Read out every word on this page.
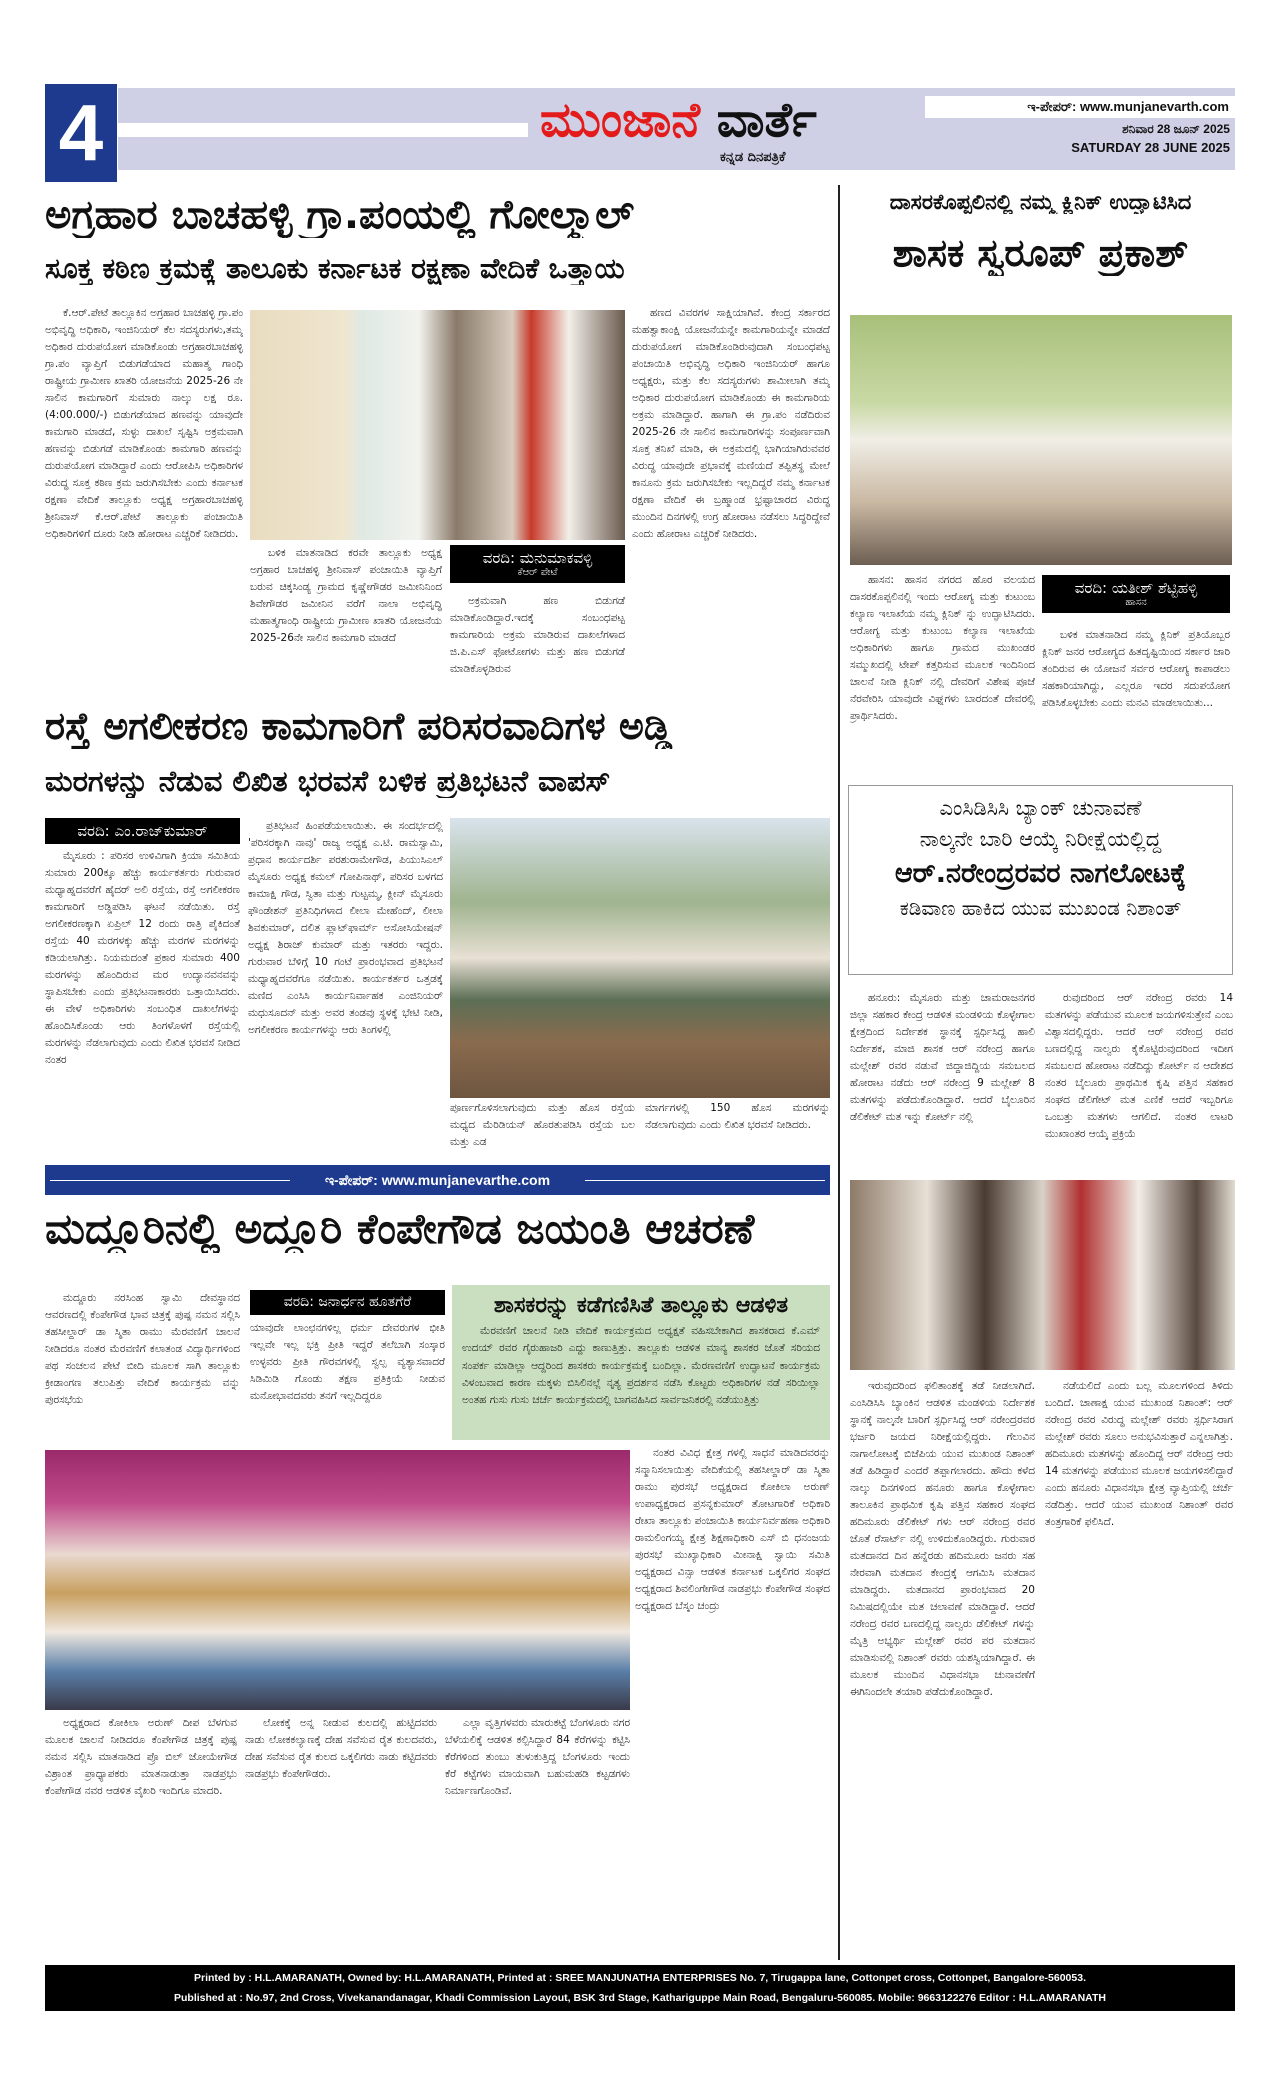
4	ಮುಂಜಾನೆ ವಾರ್ತೆ
ಕನ್ನಡ ದಿನಪತ್ರಿಕೆ
ಇ-ಪೇಪರ್: www.munjanevarth.com
ಶನಿವಾರ 28 ಜೂನ್ 2025
SATURDAY 28 JUNE 2025
ಅಗ್ರಹಾರ ಬಾಚಹಳ್ಳಿ ಗ್ರಾ.ಪಂಯಲ್ಲಿ ಗೋಲ್ಮಾಲ್
ಸೂಕ್ತ ಕಠಿಣ ಕ್ರಮಕ್ಕೆ ತಾಲೂಕು ಕರ್ನಾಟಕ ರಕ್ಷಣಾ ವೇದಿಕೆ ಒತ್ತಾಯ
ಕೆ.ಆರ್.ಪೇಟೆ ತಾಲ್ಲೂಕಿನ ಅಗ್ರಹಾರ ಬಾಚಹಳ್ಳಿ ಗ್ರಾ.ಪಂ ಅಭಿವೃದ್ಧಿ ಅಧಿಕಾರಿ, ಇಂಜಿನಿಯರ್ ಕೆಲ ಸದಸ್ಯರುಗಳು,ತಮ್ಮ ಅಧಿಕಾರ ದುರುಪಯೋಗ ಮಾಡಿಕೊಂಡು ಅಗ್ರಹಾರಬಾಚಹಳ್ಳಿ ಗ್ರಾ.ಪಂ ವ್ಯಾಪ್ತಿಗೆ ಬಿಡುಗಡೆಯಾದ ಮಹಾತ್ಮ ಗಾಂಧಿ ರಾಷ್ಟ್ರೀಯ ಗ್ರಾಮೀಣ ಖಾತರಿ ಯೋಜನೆಯ 2025-26 ನೇ ಸಾಲಿನ ಕಾಮಗಾರಿಗೆ ಸುಮಾರು ನಾಲ್ಕು ಲಕ್ಷ ರೂ. (4:00.000/-) ಬಿಡುಗಡೆಯಾದ ಹಣವನ್ನು ಯಾವುದೇ ಕಾಮಗಾರಿ ಮಾಡದೆ, ಸುಳ್ಳು ದಾಖಲೆ ಸೃಷ್ಟಿಸಿ ಅಕ್ರಮವಾಗಿ ಹಣವನ್ನು ಬಿಡುಗಡೆ ಮಾಡಿಕೊಂಡು ಕಾಮಗಾರಿ ಹಣವನ್ನು ದುರುಪಯೋಗ ಮಾಡಿದ್ದಾರೆ ಎಂದು ಆರೋಪಿಸಿ ಅಧಿಕಾರಿಗಳ ವಿರುದ್ಧ ಸೂಕ್ತ ಕಠಿಣ ಕ್ರಮ ಜರುಗಿಸಬೇಕು ಎಂದು ಕರ್ನಾಟಕ ರಕ್ಷಣಾ ವೇದಿಕೆ ತಾಲ್ಲೂಕು ಅಧ್ಯಕ್ಷ ಅಗ್ರಹಾರಬಾಚಹಳ್ಳಿ ಶ್ರೀನಿವಾಸ್ ಕೆ.ಆರ್.ಪೇಟೆ ತಾಲ್ಲೂಕು ಪಂಚಾಯಿತಿ ಅಧಿಕಾರಿಗಳಿಗೆ ದೂರು ನೀಡಿ ಹೋರಾಟ ಎಚ್ಚರಿಕೆ ನೀಡಿದರು.
ಬಳಿಕ ಮಾತನಾಡಿದ ಕರವೇ ತಾಲ್ಲೂಕು ಅಧ್ಯಕ್ಷ ಅಗ್ರಹಾರ ಬಾಚಹಳ್ಳಿ ಶ್ರೀನಿವಾಸ್ ಪಂಚಾಯಿತಿ ವ್ಯಾಪ್ತಿಗೆ ಬರುವ ಚಿಕ್ಕಸಿಂಡ್ಯ ಗ್ರಾಮದ ಕೃಷ್ಣೇಗೌಡರ ಜಮೀನಿನಿಂದ ಶಿವೇಗೌಡರ ಜಮೀನಿನ ವರೆಗೆ ನಾಲಾ ಅಭಿವೃದ್ಧಿ ಮಹಾತ್ಮಗಾಂಧಿ ರಾಷ್ಟ್ರೀಯ ಗ್ರಾಮೀಣ ಖಾತರಿ ಯೋಜನೆಯ 2025-26ನೇ ಸಾಲಿನ ಕಾಮಗಾರಿ ಮಾಡದೆ
ವರದಿ: ಮನುಮಾಕವಳ್ಳಿ
ಕೆಆರ್ ಪೇಟೆ
ಅಕ್ರಮವಾಗಿ ಹಣ ಬಿಡುಗಡೆ ಮಾಡಿಕೊಂಡಿದ್ದಾರೆ.ಇದಕ್ಕೆ ಸಂಬಂಧಪಟ್ಟ ಕಾಮಗಾರಿಯ ಅಕ್ರಮ ಮಾಡಿರುವ ದಾಖಲೆಗಳಾದ ಜಿ.ಪಿ.ಎಸ್ ಫೋಟೋಗಳು ಮತ್ತು ಹಣ ಬಿಡುಗಡೆ ಮಾಡಿಕೊಳ್ಳಡಿರುವ
ಹಣದ ವಿವರಗಳ ಸಾಕ್ಷಿಯಾಗಿವೆ. ಕೇಂದ್ರ ಸರ್ಕಾರದ ಮಹತ್ವಾಕಾಂಕ್ಷಿ ಯೋಜನೆಯನ್ನೇ ಕಾಮಗಾರಿಯನ್ನೇ ಮಾಡದೆ ದುರುಪಯೋಗ ಮಾಡಿಕೊಂಡಿರುವುದಾಗಿ ಸಂಬಂಧಪಟ್ಟ ಪಂಚಾಯಿತಿ ಅಭಿವೃದ್ಧಿ ಅಧಿಕಾರಿ ಇಂಜಿನಿಯರ್ ಹಾಗೂ ಅಧ್ಯಕ್ಷರು, ಮತ್ತು ಕೆಲ ಸದಸ್ಯರುಗಳು ಶಾಮೀಲಾಗಿ ತಮ್ಮ ಅಧಿಕಾರ ದುರುಪಯೋಗ ಮಾಡಿಕೊಂಡು ಈ ಕಾಮಗಾರಿಯ ಅಕ್ರಮ ಮಾಡಿದ್ದಾರೆ. ಹಾಗಾಗಿ ಈ ಗ್ರಾ.ಪಂ ನಡೆದಿರುವ 2025-26 ನೇ ಸಾಲಿನ ಕಾಮಗಾರಿಗಳನ್ನು ಸಂಪೂರ್ಣವಾಗಿ ಸೂಕ್ತ ತನಿಖೆ ಮಾಡಿ, ಈ ಅಕ್ರಮದಲ್ಲಿ ಭಾಗಿಯಾಗಿರುವವರ ವಿರುದ್ಧ ಯಾವುದೇ ಪ್ರಭಾವಕ್ಕೆ ಮಣಿಯದೆ ತಪ್ಪಿತಸ್ಥ ಮೇಲೆ ಕಾನೂನು ಕ್ರಮ ಜರುಗಿಸಬೇಕು ಇಲ್ಲದಿದ್ದರೆ ನಮ್ಮ ಕರ್ನಾಟಕ ರಕ್ಷಣಾ ವೇದಿಕೆ ಈ ಬ್ರಹ್ಮಾಂಡ ಭ್ರಷ್ಟಾಚಾರದ ವಿರುದ್ಧ ಮುಂದಿನ ದಿನಗಳಲ್ಲಿ ಉಗ್ರ ಹೋರಾಟ ನಡೆಸಲು ಸಿದ್ಧರಿದ್ದೇವೆ ಎಂದು ಹೋರಾಟ ಎಚ್ಚರಿಕೆ ನೀಡಿದರು.
ದಾಸರಕೊಪ್ಪಲಿನಲ್ಲಿ ನಮ್ಮ ಕ್ಲಿನಿಕ್ ಉದ್ಘಾಟಿಸಿದ
ಶಾಸಕ ಸ್ವರೂಪ್ ಪ್ರಕಾಶ್
ಹಾಸನ: ಹಾಸನ ನಗರದ ಹೊರ ವಲಯದ ದಾಸರಕೊಪ್ಪಲಿನಲ್ಲಿ ಇಂದು ಆರೋಗ್ಯ ಮತ್ತು ಕುಟುಂಬ ಕಲ್ಯಾಣ ಇಲಾಖೆಯ ನಮ್ಮ ಕ್ಲಿನಿಕ್ ನ್ನು ಉದ್ಘಾಟಿಸಿದರು. ಆರೋಗ್ಯ ಮತ್ತು ಕುಟುಂಬ ಕಲ್ಯಾಣ ಇಲಾಖೆಯ ಅಧಿಕಾರಿಗಳು ಹಾಗೂ ಗ್ರಾಮದ ಮುಖಂಡರ ಸಮ್ಮುಖದಲ್ಲಿ ಟೇಪ್ ಕತ್ತರಿಸುವ ಮೂಲಕ ಇಂದಿನಿಂದ ಚಾಲನೆ ನೀಡಿ ಕ್ಲಿನಿಕ್ ನಲ್ಲಿ ದೇವರಿಗೆ ವಿಶೇಷ ಪೂಜೆ ನೆರವೇರಿಸಿ ಯಾವುದೇ ವಿಘ್ನಗಳು ಬಾರದಂತೆ ದೇವರಲ್ಲಿ ಪ್ರಾರ್ಥಿಸಿದರು.
ವರದಿ: ಯತೀಶ್ ಶೆಟ್ಟಿಹಳ್ಳಿ
ಹಾಸನ
ಬಳಿಕ ಮಾತನಾಡಿದ ನಮ್ಮ ಕ್ಲಿನಿಕ್ ಪ್ರತಿಯೊಬ್ಬರ ಕ್ಲಿನಿಕ್ ಜನರ ಆರೋಗ್ಯದ ಹಿತದೃಷ್ಟಿಯಿಂದ ಸರ್ಕಾರ ಜಾರಿ ತಂದಿರುವ ಈ ಯೋಜನೆ ಸರ್ವರ ಆರೋಗ್ಯ ಕಾಪಾಡಲು ಸಹಕಾರಿಯಾಗಿದ್ದು, ಎಲ್ಲರೂ ಇದರ ಸದುಪಯೋಗ ಪಡಿಸಿಕೊಳ್ಳಬೇಕು ಎಂದು ಮನವಿ ಮಾಡಲಾಯಿತು...
ರಸ್ತೆ ಅಗಲೀಕರಣ ಕಾಮಗಾರಿಗೆ ಪರಿಸರವಾದಿಗಳ ಅಡ್ಡಿ
ಮರಗಳನ್ನು ನೆಡುವ ಲಿಖಿತ ಭರವಸೆ ಬಳಿಕ ಪ್ರತಿಭಟನೆ ವಾಪಸ್
ವರದಿ: ಎಂ.ರಾಜ್‌ಕುಮಾರ್
ಮೈಸೂರು : ಪರಿಸರ ಉಳಿವಿಗಾಗಿ ಕ್ರಿಯಾ ಸಮಿತಿಯ ಸುಮಾರು 200ಕ್ಕೂ ಹೆಚ್ಚು ಕಾರ್ಯಕರ್ತರು ಗುರುವಾರ ಮಧ್ಯಾಹ್ನದವರೆಗೆ ಹೈದರ್ ಅಲಿ ರಸ್ತೆಯ, ರಸ್ತೆ ಅಗಲೀಕರಣ ಕಾಮಗಾರಿಗೆ ಅಡ್ಡಿಪಡಿಸಿ ಘಟನೆ ನಡೆಯಿತು. ರಸ್ತೆ ಅಗಲೀಕರಣಕ್ಕಾಗಿ ಏಪ್ರಿಲ್ 12 ರಂದು ರಾತ್ರಿ ಪೈಕಿದಂತೆ ರಸ್ತೆಯ 40 ಮರಗಳಕ್ಕು ಹೆಚ್ಚು ಮರಗಳ ಮರಗಳನ್ನು ಕಡಿಯಲಾಗಿತ್ತು. ನಿಯಮದಂತೆ ಪ್ರಕಾರ ಸುಮಾರು 400 ಮರಗಳನ್ನು ಹೊಂದಿರುವ ಮರ ಉದ್ಯಾನವನವನ್ನು ಸ್ಥಾಪಿಸಬೇಕು ಎಂದು ಪ್ರತಿಭಟನಾಕಾರರು ಒತ್ತಾಯಿಸಿದರು. ಈ ವೇಳೆ ಅಧಿಕಾರಿಗಳು ಸಂಬಂಧಿತ ದಾಖಲೆಗಳನ್ನು ಹೊಂದಿಸಿಕೊಂಡು ಆರು ತಿಂಗಳೊಳಗೆ ರಸ್ತೆಯಲ್ಲಿ ಮರಗಳನ್ನು ನೆಡಲಾಗುವುದು ಎಂದು ಲಿಖಿತ ಭರವಸೆ ನೀಡಿದ ನಂತರ
ಪ್ರತಿಭಟನೆ ಹಿಂಪಡೆಯಲಾಯಿತು. ಈ ಸಂದರ್ಭದಲ್ಲಿ 'ಪರಿಸರಕ್ಕಾಗಿ ನಾವು' ರಾಜ್ಯ ಅಧ್ಯಕ್ಷ ಎ.ಟಿ. ರಾಮಸ್ವಾಮಿ, ಪ್ರಧಾನ ಕಾರ್ಯದರ್ಶಿ ಪರಶುರಾಮೇಗೌಡ, ಪಿಯುಸಿಎಲ್ ಮೈಸೂರು ಅಧ್ಯಕ್ಷ ಕಮಲ್ ಗೋಪಿನಾಥ್, ಪರಿಸರ ಬಳಗದ ಕಾಮಾಕ್ಷಿ ಗೌಡ, ಸ್ವಿತಾ ಮತ್ತು ಗುಟ್ಟಮ್ಮ, ಕ್ಲೀನ್ ಮೈಸೂರು ಫೌಂಡೇಶನ್ ಪ್ರತಿನಿಧಿಗಳಾದ ಲೀಲಾ ಮೇಹೆಂದ್, ಲೀಲಾ ಶಿವಕುಮಾರ್, ದಲಿತ ಪ್ಲಾಟ್‌ಫಾರ್ಮ್ ಅಸೋಸಿಯೇಷನ್ ಅಧ್ಯಕ್ಷ ಶಿರಾಜ್ ಕುಮಾರ್ ಮತ್ತು ಇತರರು ಇದ್ದರು. ಗುರುವಾರ ಬೆಳಿಗ್ಗೆ 10 ಗಂಟೆ ಪ್ರಾರಂಭವಾದ ಪ್ರತಿಭಟನೆ ಮಧ್ಯಾಹ್ನದವರೆಗೂ ನಡೆಯಿತು. ಕಾರ್ಯಕರ್ತರ ಒತ್ತಡಕ್ಕೆ ಮಣಿದ ಎಂಸಿಸಿ ಕಾರ್ಯನಿರ್ವಾಹಕ ಎಂಜಿನಿಯರ್ ಮಧುಸೂದನ್ ಮತ್ತು ಅವರ ತಂಡವು ಸ್ಥಳಕ್ಕೆ ಭೇಟಿ ನೀಡಿ, ಅಗಲೀಕರಣ ಕಾರ್ಯಗಳನ್ನು ಆರು ತಿಂಗಳಲ್ಲಿ
ಪೂರ್ಣಗೊಳಿಸಲಾಗುವುದು ಮತ್ತು ಹೊಸ ರಸ್ತೆಯ ಮಧ್ಯದ ಮೆರಿಡಿಯನ್ ಹೊರತುಪಡಿಸಿ ರಸ್ತೆಯ ಬಲ ಮತ್ತು ಎಡ
ಮಾರ್ಗಗಳಲ್ಲಿ 150 ಹೊಸ ಮರಗಳನ್ನು ನೆಡಲಾಗುವುದು ಎಂದು ಲಿಖಿತ ಭರವಸೆ ನೀಡಿದರು.
ಎಂಸಿಡಿಸಿಸಿ ಬ್ಯಾಂಕ್ ಚುನಾವಣೆ
ನಾಲ್ಕನೇ ಬಾರಿ ಆಯ್ಕೆ ನಿರೀಕ್ಷೆಯಲ್ಲಿದ್ದ
ಆರ್.ನರೇಂದ್ರರವರ ನಾಗಲೋಟಕ್ಕೆ
ಕಡಿವಾಣ ಹಾಕಿದ ಯುವ ಮುಖಂಡ ನಿಶಾಂತ್
ಹನೂರು: ಮೈಸೂರು ಮತ್ತು ಚಾಮರಾಜನಗರ ಜಿಲ್ಲಾ ಸಹಕಾರ ಕೇಂದ್ರ ಆಡಳಿತ ಮಂಡಳಿಯ ಕೊಳ್ಳೇಗಾಲ ಕ್ಷೇತ್ರದಿಂದ ನಿರ್ದೇಶಕ ಸ್ಥಾನಕ್ಕೆ ಸ್ಪರ್ಧಿಸಿದ್ದ ಹಾಲಿ ನಿರ್ದೇಶಕ, ಮಾಜಿ ಶಾಸಕ ಆರ್ ನರೇಂದ್ರ ಹಾಗೂ ಮಲ್ಲೇಶ್ ರವರ ನಡುವೆ ಜಿದ್ದಾಜಿದ್ದಿಯ ಸಮಬಲದ ಹೋರಾಟ ನಡೆದು ಆರ್ ನರೇಂದ್ರ 9 ಮಲ್ಲೇಶ್ 8 ಮತಗಳನ್ನು ಪಡೆದುಕೊಂಡಿದ್ದಾರೆ. ಆದರೆ ಬೈಲೂರಿನ ಡೆಲಿಕೇಟ್ ಮತ ಇನ್ನು ಕೋರ್ಟ್ ನಲ್ಲಿ
ರುವುದರಿಂದ ಆರ್ ನರೇಂದ್ರ ರವರು 14 ಮತಗಳನ್ನು ಪಡೆಯುವ ಮೂಲಕ ಜಯಗಳಿಸುತ್ತೇನೆ ಎಂಬ ವಿಶ್ವಾಸದಲ್ಲಿದ್ದರು. ಆದರೆ ಆರ್ ನರೇಂದ್ರ ರವರ ಬಣದಲ್ಲಿದ್ದ ನಾಲ್ವರು ಕೈಕೊಟ್ಟಿರುವುದರಿಂದ ಇದೀಗ ಸಮಬಲದ ಹೋರಾಟ ನಡೆದಿದ್ದು ಕೋರ್ಟ್ ನ ಆದೇಶದ ನಂತರ ಬೈಲೂರು ಪ್ರಾಥಮಿಕ ಕೃಷಿ ಪತ್ತಿನ ಸಹಕಾರ ಸಂಘದ ಡೆಲಿಗೇಟ್ ಮತ ಎಣಿಕೆ ಆದರೆ ಇಬ್ಬರಿಗೂ ಒಂಬತ್ತು ಮತಗಳು ಆಗಲಿದೆ. ನಂತರ ಲಾಟರಿ ಮುಖಾಂತರ ಆಯ್ಕೆ ಪ್ರಕ್ರಿಯೆ
ಇರುವುದರಿಂದ ಫಲಿತಾಂಶಕ್ಕೆ ತಡೆ ನೀಡಲಾಗಿದೆ. ಎಂಸಿಡಿಸಿಸಿ ಬ್ಯಾಂಕಿನ ಆಡಳಿತ ಮಂಡಳಿಯ ನಿರ್ದೇಶಕ ಸ್ಥಾನಕ್ಕೆ ನಾಲ್ಕನೇ ಬಾರಿಗೆ ಸ್ಪರ್ಧಿಸಿದ್ದ ಆರ್ ನರೇಂದ್ರರವರ ಭರ್ಜರಿ ಜಯದ ನಿರೀಕ್ಷೆಯಲ್ಲಿದ್ದರು. ಗೆಲುವಿನ ನಾಗಾಲೋಟಕ್ಕೆ ಬಿಜೆಪಿಯ ಯುವ ಮುಖಂಡ ನಿಶಾಂತ್ ತಡೆ ಹಿಡಿದ್ದಾರೆ ಎಂದರೆ ತಪ್ಪಾಗಲಾರದು. ಹೌದು ಕಳೆದ ನಾಲ್ಕು ದಿನಗಳಿಂದ ಹನೂರು ಹಾಗೂ ಕೊಳ್ಳೇಗಾಲ ತಾಲೂಕಿನ ಪ್ರಾಥಮಿಕ ಕೃಷಿ ಪತ್ತಿನ ಸಹಕಾರ ಸಂಘದ ಹದಿಮೂರು ಡೆಲಿಕೇಟ್ ಗಳು ಆರ್ ನರೇಂದ್ರ ರವರ ಜೊತೆ ರೆಸಾರ್ಟ್ ನಲ್ಲಿ ಉಳಿದುಕೊಂಡಿದ್ದರು. ಗುರುವಾರ ಮತದಾನದ ದಿನ ಹನ್ನೆರಡು ಹದಿಮೂರು ಜನರು ಸಹ ನೇರವಾಗಿ ಮತದಾನ ಕೇಂದ್ರಕ್ಕೆ ಆಗಮಿಸಿ ಮತದಾನ ಮಾಡಿದ್ದರು. ಮತದಾನದ ಪ್ರಾರಂಭವಾದ 20 ನಿಮಿಷದಲ್ಲಿಯೇ ಮತ ಚಲಾವಣೆ ಮಾಡಿದ್ದಾರೆ. ಆದರೆ ನರೇಂದ್ರ ರವರ ಬಣದಲ್ಲಿದ್ದ ನಾಲ್ವರು ಡೆಲಿಕೇಟ್ ಗಳನ್ನು ಮೈತ್ರಿ ಅಭ್ಯರ್ಥಿ ಮಲ್ಲೇಶ್ ರವರ ಪರ ಮತದಾನ ಮಾಡಿಸುವಲ್ಲಿ ನಿಶಾಂತ್ ರವರು ಯಶಸ್ವಿಯಾಗಿದ್ದಾರೆ. ಈ ಮೂಲಕ ಮುಂದಿನ ವಿಧಾನಸಭಾ ಚುನಾವಣೆಗೆ ಈಗಿನಿಂದಲೇ ತಯಾರಿ ಪಡೆದುಕೊಂಡಿದ್ದಾರೆ.
ನಡೆಯಲಿದೆ ಎಂದು ಬಲ್ಲ ಮೂಲಗಳಿಂದ ತಿಳಿದು ಬಂದಿದೆ. ಚಾಣಾಕ್ಷ ಯುವ ಮುಖಂಡ ನಿಶಾಂತ್: ಆರ್ ನರೇಂದ್ರ ರವರ ವಿರುದ್ಧ ಮಲ್ಲೇಶ್ ರವರು ಸ್ಪರ್ಧಿಸಿರಾಗ ಮಲ್ಲೇಶ್ ರವರು ಸೂಲು ಅನುಭವಿಸುತ್ತಾರೆ ಎನ್ನಲಾಗಿತ್ತು. ಹದಿಮೂರು ಮತಗಳನ್ನು ಹೊಂದಿದ್ದ ಆರ್ ನರೇಂದ್ರ ಆರು 14 ಮತಗಳನ್ನು ಪಡೆಯುವ ಮೂಲಕ ಜಯಗಳಿಸಲಿದ್ದಾರೆ ಎಂದು ಹನೂರು ವಿಧಾನಸಭಾ ಕ್ಷೇತ್ರ ವ್ಯಾಪ್ತಿಯಲ್ಲಿ ಚರ್ಚೆ ನಡೆದಿತ್ತು. ಆದರೆ ಯುವ ಮುಖಂಡ ನಿಶಾಂತ್ ರವರ ತಂತ್ರಗಾರಿಕೆ ಫಲಿಸಿದೆ.
ಇ-ಪೇಪರ್: www.munjanevarthe.com
ಮದ್ದೂರಿನಲ್ಲಿ ಅದ್ದೂರಿ ಕೆಂಪೇಗೌಡ ಜಯಂತಿ ಆಚರಣೆ
ಮದ್ದೂರು ನರಸಿಂಹ ಸ್ವಾಮಿ ದೇವಸ್ಥಾನದ ಆವರಣದಲ್ಲಿ ಕೆಂಪೇಗೌಡ ಭಾವ ಚಿತ್ರಕ್ಕೆ ಪುಷ್ಪ ನಮನ ಸಲ್ಲಿಸಿ ತಹಸೀಲ್ದಾರ್ ಡಾ ಸ್ಮಿತಾ ರಾಮು ಮೆರವಣಿಗೆ ಚಾಲನೆ ನೀಡಿದರೂ ನಂತರ ಮೆರವಣಿಗೆ ಕಲಾತಂಡ ವಿದ್ಯಾರ್ಥಿಗಳಿಂದ ಪಥ ಸಂಚಲನ ಪೇಟೆ ಬೀದಿ ಮೂಲಕ ಸಾಗಿ ತಾಲ್ಲೂಕು ಕ್ರೀಡಾಂಗಣ ತಲುಪಿತ್ತು ವೇದಿಕೆ ಕಾರ್ಯಕ್ರಮ ವನ್ನು ಪುರಸಭೆಯ
ವರದಿ: ಜನಾರ್ಧನ ಹೂತಗೆರೆ
ಯಾವುದೇ ಲಾಂಛನಗಳಿಲ್ಲ ಧರ್ಮ ದೇವರುಗಳ ಭೀತಿ ಇಲ್ಲವೇ ಇಲ್ಲ ಭಕ್ತಿ ಪ್ರೀತಿ ಇದ್ದರೆ ತಲೆಬಾಗಿ ಸಂಸ್ಕಾರ ಉಳ್ಳವರು ಪ್ರೀತಿ ಗೌರವಗಳಲ್ಲಿ ಸ್ವಲ್ಪ ವ್ಯತ್ಯಾಸವಾದರೆ ಸಿಡಿಮಿಡಿ ಗೊಂಡು ತಕ್ಷಣ ಪ್ರತಿಕ್ರಿಯೆ ನೀಡುವ ಮನೋಭಾವದವರು ತನಗೆ ಇಲ್ಲದಿದ್ದರೂ
ಶಾಸಕರನ್ನು ಕಡೆಗಣಿಸಿತೆ ತಾಲ್ಲೂಕು ಆಡಳಿತ

ಮೆರವಣಿಗೆ ಚಾಲನೆ ನೀಡಿ ವೇದಿಕೆ ಕಾರ್ಯಕ್ರಮದ ಅಧ್ಯಕ್ಷತೆ ವಹಿಸಬೇಕಾಗಿದ ಶಾಸಕರಾದ ಕೆ.ಎಮ್ ಉದಯ್ ರವರ ಗೈರುಹಾಜರಿ ಎದ್ದು ಕಾಣುತ್ತಿತ್ತು. ತಾಲ್ಲೂಕು ಆಡಳಿತ ಮಾನ್ಯ ಶಾಸಕರ ಜೊತೆ ಸರಿಯದ ಸಂಪರ್ಕ ಮಾಡಿಲ್ಲಾ ಆದ್ದರಿಂದ ಶಾಸಕರು ಕಾರ್ಯಕ್ರಮಕ್ಕೆ ಬಂದಿಲ್ಲಾ. ಮೆರಣವಣಿಗೆ ಉದ್ಘಾಟನೆ ಕಾರ್ಯಕ್ರಮ ವಿಳಂಬವಾದ ಕಾರಣ ಮಕ್ಕಳು ಬಿಸಿಲಿನಲ್ಲೆ ನೃತ್ಯ ಪ್ರದರ್ಶನ ನಡೆಸಿ ಕೊಟ್ಟರು ಅಧಿಕಾರಿಗಳ ನಡೆ ಸರಿಯಿಲ್ಲಾ ಅಂತಹ ಗುಸು ಗುಸು ಚರ್ಚೆ ಕಾರ್ಯಕ್ರಮದಲ್ಲಿ ಬಾಗವಹಿಸಿದ ಸಾರ್ವಜನಿಕರಲ್ಲಿ ನಡೆಯುತ್ತಿತ್ತು

ನಂತರ ವಿವಿಧ ಕ್ಷೇತ್ರ ಗಳಲ್ಲಿ ಸಾಧನೆ ಮಾಡಿದವರನ್ನು ಸನ್ಮಾನಿಸಲಾಯಿತ್ತು ವೇದಿಕೆಯಲ್ಲಿ ತಹಸೀಲ್ದಾರ್ ಡಾ ಸ್ಮಿತಾ ರಾಮು ಪುರಸಭೆ ಅಧ್ಯಕ್ಷರಾದ ಕೋಕಿಲಾ ಅರುಣ್ ಉಪಾಧ್ಯಕ್ಷರಾದ ಪ್ರಸನ್ನಕುಮಾರ್ ತೋಟಗಾರಿಕೆ ಅಧಿಕಾರಿ ರೇಖಾ ತಾಲ್ಲೂಕು ಪಂಚಾಯಿತಿ ಕಾರ್ಯನಿರ್ವಹಣಾ ಅಧಿಕಾರಿ ರಾಮಲಿಂಗಯ್ಯ ಕ್ಷೇತ್ರ ಶಿಕ್ಷಣಾಧಿಕಾರಿ ಎಸ್ ಬಿ ಧನಂಜಯ ಪುರಸಭೆ ಮುಖ್ಯಾಧಿಕಾರಿ ಮೀನಾಕ್ಷಿ ಸ್ವಾಯಿ ಸಮಿತಿ ಅಧ್ಯಕ್ಷರಾದ ವಿನ್ಸಾ ಆಡಳಿತ ಕರ್ನಾಟಕ ಒಕ್ಕಲಿಗರ ಸಂಘದ ಅಧ್ಯಕ್ಷರಾದ ಶಿವಲಿಂಗೇಗೌಡ ನಾಡಪ್ರಭು ಕೆಂಪೇಗೌಡ ಸಂಘದ ಅಧ್ಯಕ್ಷರಾದ ಬೆಸ್ಕಂ ಚಂದ್ರು
ಅಧ್ಯಕ್ಷರಾದ ಕೋಕಿಲಾ ಅರುಣ್ ದೀಪ ಬೆಳಗುವ ಮೂಲಕ ಚಾಲನೆ ನೀಡಿದರೂ ಕೆಂಪೇಗೌಡ ಚಿತ್ರಕ್ಕೆ ಪುಷ್ಪ ನಮನ ಸಲ್ಲಿಸಿ ಮಾತನಾಡಿದ ಪ್ರೊ ಬಿಲ್ ಜೋಯೇಗೌಡ ವಿಶ್ರಾಂತ ಪ್ರಾಧ್ಯಾಪಕರು ಮಾತನಾಡುತ್ತಾ ನಾಡಪ್ರಭು ಕೆಂಪೇಗೌಡ ನವರ ಆಡಳಿತ ವೈಖರಿ ಇಂದಿಗೂ ಮಾದರಿ.
ಲೋಕಕ್ಕೆ ಅನ್ನ ನೀಡುವ ಕುಲದಲ್ಲಿ ಹುಟ್ಟಿದವರು ನಾಡು ಲೋಕಕಲ್ಯಾಣಕ್ಕೆ ದೇಹ ಸವೆಸುವ ರೈತ ಕುಲದವರು, ದೇಹ ಸವೆಸುವ ರೈತ ಕುಲದ ಒಕ್ಕಲಿಗರು ನಾಡು ಕಟ್ಟಿದವರು ನಾಡಪ್ರಭು ಕೆಂಪೇಗೌಡರು.
ಎಲ್ಲಾ ವೃತ್ತಿಗಳವರು ಮಾರುಕಟ್ಟೆ ಬೆಂಗಳೂರು ನಗರ ಬೆಳೆಯಲಿಕ್ಕೆ ಆಡಳಿತ ಕಲ್ಪಿಸಿದ್ದಾರೆ 84 ಕೆರೆಗಳನ್ನು ಕಟ್ಟಿಸಿ ಕೆರೆಗಳಿಂದ ತುಂಬು ತುಳುಕುತ್ತಿದ್ದ ಬೆಂಗಳೂರು ಇಂದು ಕೆರೆ ಕಟ್ಟೆಗಳು ಮಾಯವಾಗಿ ಬಹುಮಹಡಿ ಕಟ್ಟಡಗಳು ನಿರ್ಮಾಣಗೊಂಡಿವೆ.
Printed by : H.L.AMARANATH, Owned by: H.L.AMARANATH, Printed at : SREE MANJUNATHA ENTERPRISES No. 7, Tirugappa lane, Cottonpet cross, Cottonpet, Bangalore-560053.
Published at : No.97, 2nd Cross, Vivekanandanagar, Khadi Commission Layout, BSK 3rd Stage, Kathariguppe Main Road, Bengaluru-560085. Mobile: 9663122276 Editor : H.L.AMARANATH
